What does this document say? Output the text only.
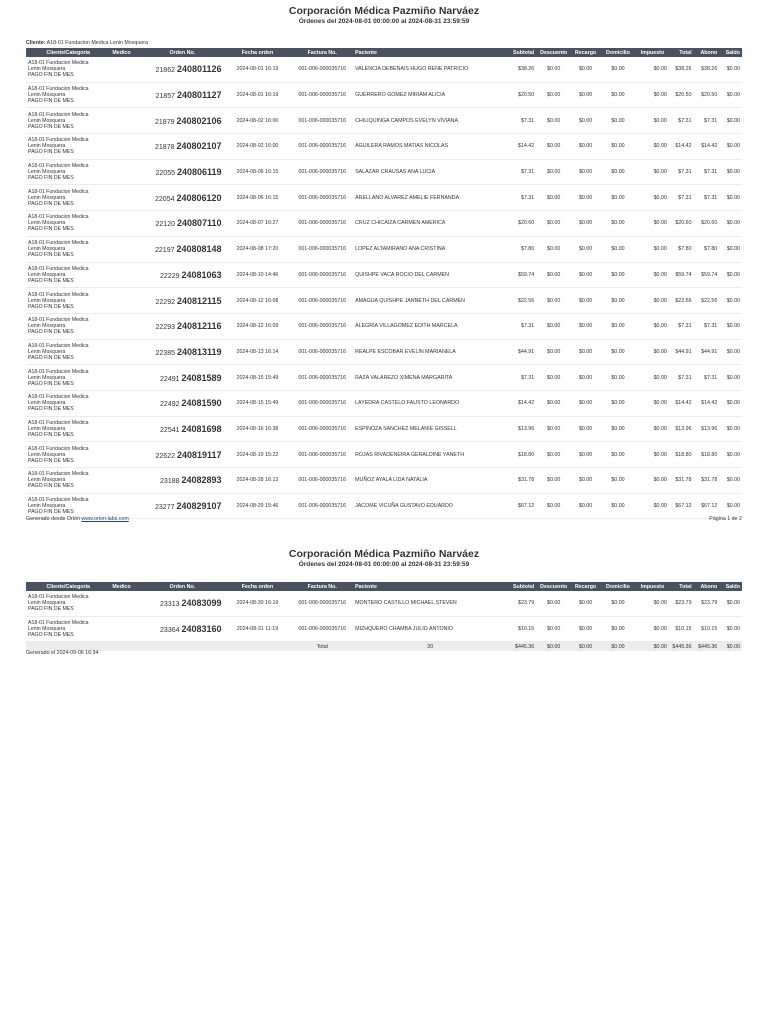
Corporación Médica Pazmiño Narváez
Órdenes del 2024-08-01 00:00:00 al 2024-08-31 23:59:59
Cliente: A18-01 Fundacion Medica Lenin Mosquera
Cliente/Categoría	Medico	Orden No.	Fecha orden	Factura No.	Paciente	Subtotal	Descuento	Recargo	Domicilio	Impuesto	Total	Abono	Saldo

A18-01 Fundacion Medica
Lenin Mosquera
PAGO FIN DE MES		21862 240801126	2024-08-01 16:19	001-006-000035716	VALENCIA DEBENAIS HUGO RENE PATRICIO	$38.26	$0.00	$0.00	$0.00	$0.00	$38.26	$38.26	$0.00

A18-01 Fundacion Medica
Lenin Mosquera
PAGO FIN DE MES		21857 240801127	2024-08-01 16:19	001-006-000035716	GUERRERO GOMEZ MIRIAM ALICIA	$20.50	$0.00	$0.00	$0.00	$0.00	$20.50	$20.50	$0.00

A18-01 Fundacion Medica
Lenin Mosquera
PAGO FIN DE MES		21879 240802106	2024-08-02 16:00	001-006-000035716	CHILIQUINGA CAMPOS EVELYN VIVIANA	$7.31	$0.00	$0.00	$0.00	$0.00	$7.31	$7.31	$0.00

A18-01 Fundacion Medica
Lenin Mosquera
PAGO FIN DE MES		21878 240802107	2024-08-02 16:00	001-006-000035716	AGUILERA RAMOS MATIAS NICOLAS	$14.42	$0.00	$0.00	$0.00	$0.00	$14.42	$14.42	$0.00

A18-01 Fundacion Medica
Lenin Mosquera
PAGO FIN DE MES		22055 240806119	2024-08-06 16:15	001-006-000035716	SALAZAR CRAUSAS ANA LUCIA	$7.31	$0.00	$0.00	$0.00	$0.00	$7.31	$7.31	$0.00

A18-01 Fundacion Medica
Lenin Mosquera
PAGO FIN DE MES		22054 240806120	2024-08-06 16:15	001-006-000035716	ARELLANO ALVAREZ AMELIE FERNANDA	$7.31	$0.00	$0.00	$0.00	$0.00	$7.31	$7.31	$0.00

A18-01 Fundacion Medica
Lenin Mosquera
PAGO FIN DE MES		22120 240807110	2024-08-07 16:27	001-006-000035716	CRUZ CHICAIZA CARMEN AMERICA	$20.60	$0.00	$0.00	$0.00	$0.00	$20.60	$20.60	$0.00

A18-01 Fundacion Medica
Lenin Mosquera
PAGO FIN DE MES		22197 240808148	2024-08-08 17:20	001-006-000035716	LOPEZ ALTAMIRANO ANA CRISTINA	$7.80	$0.00	$0.00	$0.00	$0.00	$7.80	$7.80	$0.00

A18-01 Fundacion Medica
Lenin Mosquera
PAGO FIN DE MES		22229 24081063	2024-08-10 14:46	001-006-000035716	QUISHPE VACA ROCIO DEL CARMEN	$59.74	$0.00	$0.00	$0.00	$0.00	$59.74	$59.74	$0.00

A18-01 Fundacion Medica
Lenin Mosquera
PAGO FIN DE MES		22292 240812115	2024-08-12 16:08	001-006-000035716	AMAGUA QUISHPE JANNETH DEL CARMEN	$22.56	$0.00	$0.00	$0.00	$0.00	$22.56	$22.56	$0.00

A18-01 Fundacion Medica
Lenin Mosquera
PAGO FIN DE MES		22293 240812116	2024-08-12 16:09	001-006-000035716	ALEGRIA VILLAGOMEZ EDITH MARCELA	$7.31	$0.00	$0.00	$0.00	$0.00	$7.31	$7.31	$0.00

A18-01 Fundacion Medica
Lenin Mosquera
PAGO FIN DE MES		22385 240813119	2024-08-13 16:14	001-006-000035716	REALPE ESCOBAR EVELIN MARIANELA	$44.91	$0.00	$0.00	$0.00	$0.00	$44.91	$44.91	$0.00

A18-01 Fundacion Medica
Lenin Mosquera
PAGO FIN DE MES		22491 24081589	2024-08-15 15:49	001-006-000035716	RAZA VALAREZO XIMENA MARGARITA	$7.31	$0.00	$0.00	$0.00	$0.00	$7.31	$7.31	$0.00

A18-01 Fundacion Medica
Lenin Mosquera
PAGO FIN DE MES		22492 24081590	2024-08-15 15:49	001-006-000035716	LAYEDRA CASTELO FAUSTO LEONARDO	$14.42	$0.00	$0.00	$0.00	$0.00	$14.42	$14.42	$0.00

A18-01 Fundacion Medica
Lenin Mosquera
PAGO FIN DE MES		22541 24081698	2024-08-16 16:38	001-006-000035716	ESPINOZA SANCHEZ MELANIE GISSELL	$13.96	$0.00	$0.00	$0.00	$0.00	$13.96	$13.96	$0.00

A18-01 Fundacion Medica
Lenin Mosquera
PAGO FIN DE MES		22622 240819117	2024-08-19 15:22	001-006-000035716	ROJAS RIVADENEIRA GERALDINE YANETH	$18.80	$0.00	$0.00	$0.00	$0.00	$18.80	$18.80	$0.00

A18-01 Fundacion Medica
Lenin Mosquera
PAGO FIN DE MES		23188 24082893	2024-08-28 16:13	001-006-000035716	MUÑOZ AYALA LIDA NATALIA	$31.78	$0.00	$0.00	$0.00	$0.00	$31.78	$31.78	$0.00

A18-01 Fundacion Medica
Lenin Mosquera
PAGO FIN DE MES		23277 240829107	2024-08-29 15:46	001-006-000035716	JACOME VICUÑA GUSTAVO EDUARDO	$67.12	$0.00	$0.00	$0.00	$0.00	$67.12	$67.12	$0.00
Generado desde Orión www.orion-labs.com	Página 1 de 2
Corporación Médica Pazmiño Narváez
Órdenes del 2024-08-01 00:00:00 al 2024-08-31 23:59:59
Cliente/Categoría	Medico	Orden No.	Fecha orden	Factura No.	Paciente	Subtotal	Descuento	Recargo	Domicilio	Impuesto	Total	Abono	Saldo

A18-01 Fundacion Medica
Lenin Mosquera
PAGO FIN DE MES		23313 24083099	2024-08-30 16:19	001-006-000035716	MONTERO CASTILLO MICHAEL STEVEN	$23.79	$0.00	$0.00	$0.00	$0.00	$23.79	$23.79	$0.00

A18-01 Fundacion Medica
Lenin Mosquera
PAGO FIN DE MES		23364 24083160	2024-08-31 11:19	001-006-000035716	MIZHQUERO CHAMBA JULIO ANTONIO	$10.15	$0.00	$0.00	$0.00	$0.00	$10.15	$10.15	$0.00
				Total	20	$445.36	$0.00	$0.00	$0.00	$0.00	$445.36	$445.36	$0.00
Generado el 2024-09-06 16:34
